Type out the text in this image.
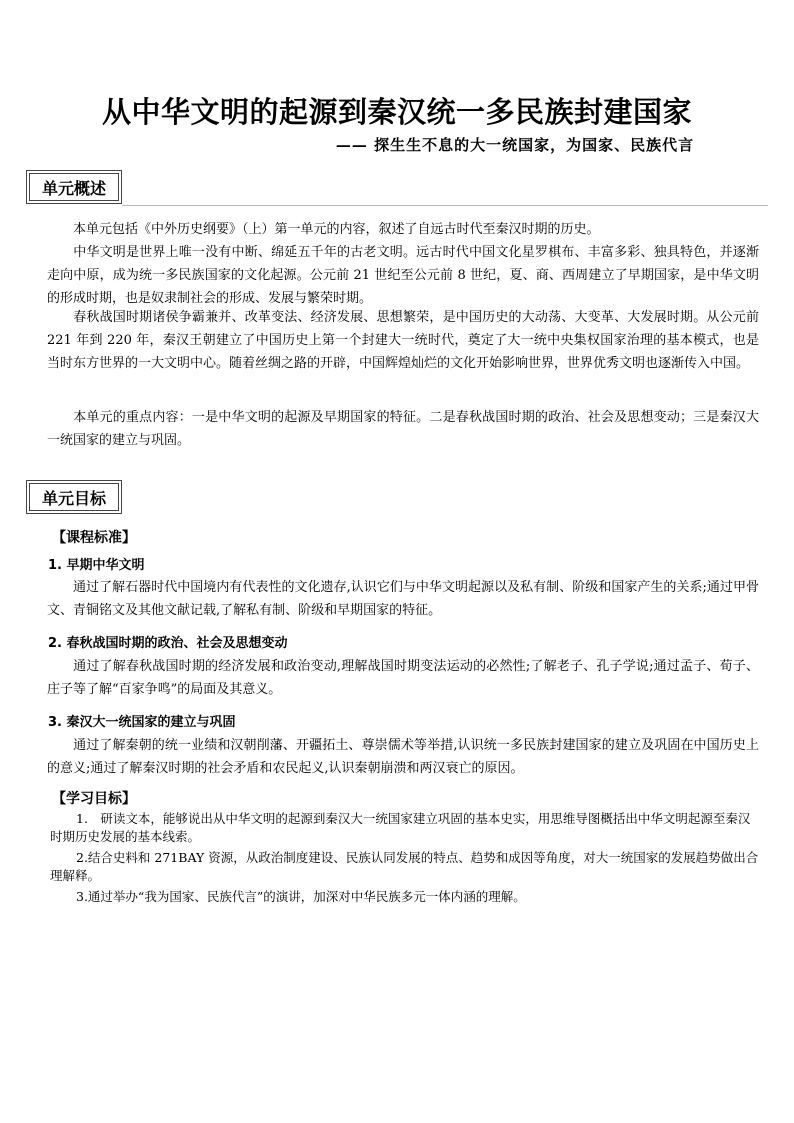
从中华文明的起源到秦汉统一多民族封建国家
—— 探生生不息的大一统国家，为国家、民族代言
单元概述
本单元包括《中外历史纲要》（上）第一单元的内容，叙述了自远古时代至秦汉时期的历史。
中华文明是世界上唯一没有中断、绵延五千年的古老文明。远古时代中国文化星罗棋布、丰富多彩、独具特色，并逐渐走向中原，成为统一多民族国家的文化起源。公元前 21 世纪至公元前 8 世纪，夏、商、西周建立了早期国家，是中华文明的形成时期，也是奴隶制社会的形成、发展与繁荣时期。
春秋战国时期诸侯争霸兼并、改革变法、经济发展、思想繁荣，是中国历史的大动荡、大变革、大发展时期。从公元前 221 年到 220 年，秦汉王朝建立了中国历史上第一个封建大一统时代，奠定了大一统中央集权国家治理的基本模式，也是当时东方世界的一大文明中心。随着丝绸之路的开辟，中国辉煌灿烂的文化开始影响世界，世界优秀文明也逐渐传入中国。
本单元的重点内容：一是中华文明的起源及早期国家的特征。二是春秋战国时期的政治、社会及思想变动；三是秦汉大一统国家的建立与巩固。
单元目标
【课程标准】
1. 早期中华文明
通过了解石器时代中国境内有代表性的文化遗存,认识它们与中华文明起源以及私有制、阶级和国家产生的关系;通过甲骨文、青铜铭文及其他文献记载,了解私有制、阶级和早期国家的特征。
2. 春秋战国时期的政治、社会及思想变动
通过了解春秋战国时期的经济发展和政治变动,理解战国时期变法运动的必然性;了解老子、孔子学说;通过孟子、荀子、庄子等了解“百家争鸣”的局面及其意义。
3. 秦汉大一统国家的建立与巩固
通过了解秦朝的统一业绩和汉朝削藩、开疆拓土、尊崇儒术等举措,认识统一多民族封建国家的建立及巩固在中国历史上的意义;通过了解秦汉时期的社会矛盾和农民起义,认识秦朝崩溃和两汉衰亡的原因。
【学习目标】
1.　研读文本，能够说出从中华文明的起源到秦汉大一统国家建立巩固的基本史实，用思维导图概括出中华文明起源至秦汉时期历史发展的基本线索。
2.结合史料和 271BAY 资源，从政治制度建设、民族认同发展的特点、趋势和成因等角度，对大一统国家的发展趋势做出合理解释。
3.通过举办“我为国家、民族代言”的演讲，加深对中华民族多元一体内涵的理解。
